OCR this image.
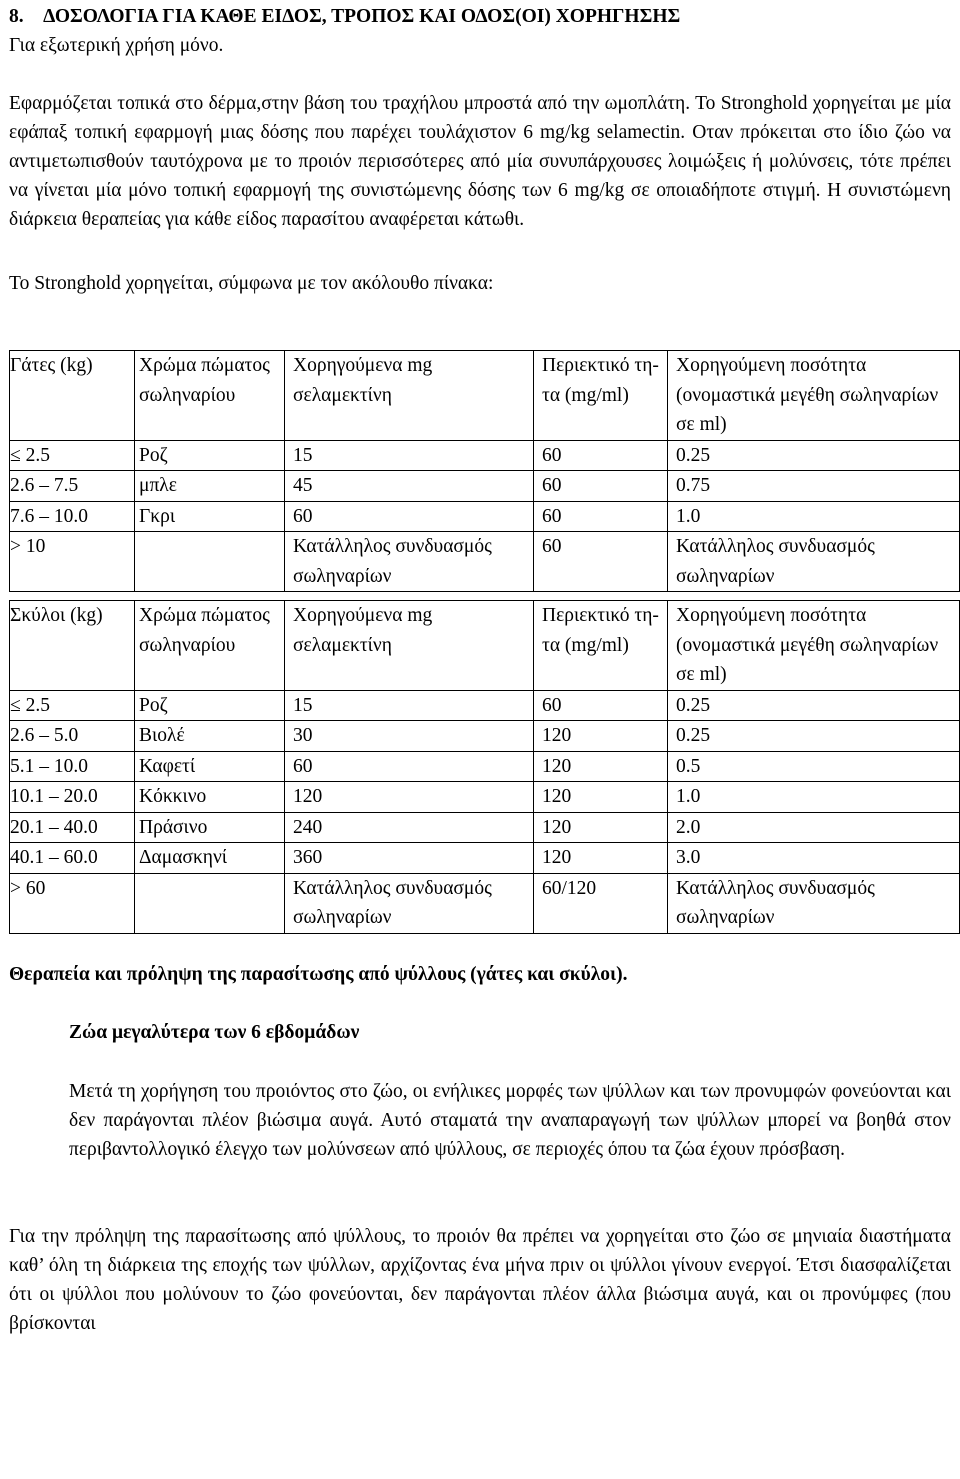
8.    ΔΟΣΟΛΟΓΙΑ ΓΙΑ ΚΑΘΕ ΕΙΔΟΣ, ΤΡΟΠΟΣ ΚΑΙ ΟΔΟΣ(ΟΙ) ΧΟΡΗΓΗΣΗΣ

Για εξωτερική χρήση μόνο.

Εφαρμόζεται τοπικά στο δέρμα,στην βάση του τραχήλου μπροστά από την ωμοπλάτη. Το Stronghold χορηγείται με μία εφάπαξ τοπική εφαρμογή μιας δόσης που παρέχει τουλάχιστον 6 mg/kg selamectin. Οταν πρόκειται στο ίδιο ζώο να αντιμετωπισθούν ταυτόχρονα με το προιόν περισσότερες από μία συνυπάρχουσες λοιμώξεις ή μολύνσεις, τότε πρέπει να γίνεται μία μόνο τοπική εφαρμογή της συνιστώμενης δόσης των 6 mg/kg σε οποιαδήποτε στιγμή. Η συνιστώμενη διάρκεια θεραπείας για κάθε είδος παρασίτου αναφέρεται κάτωθι.

Το Stronghold χορηγείται, σύμφωνα με τον ακόλουθο πίνακα:

Γάτες (kg)	Χρώμα πώματος σωληναρίου	Χορηγούμενα mg σελαμεκτίνη	Περιεκτικό τη-τα (mg/ml)	Χορηγούμενη ποσότητα (ονομαστικά μεγέθη σωληναρίων σε ml)
≤ 2.5	Ροζ	15	60	0.25
2.6 – 7.5	μπλε	45	60	0.75
7.6 – 10.0	Γκρι	60	60	1.0
> 10		Κατάλληλος συνδυασμός σωληναρίων	60	Κατάλληλος συνδυασμός σωληναρίων
Σκύλοι (kg)	Χρώμα πώματος σωληναρίου	Χορηγούμενα mg σελαμεκτίνη	Περιεκτικό τη-τα (mg/ml)	Χορηγούμενη ποσότητα (ονομαστικά μεγέθη σωληναρίων σε ml)
≤ 2.5	Ροζ	15	60	0.25
2.6 – 5.0	Βιολέ	30	120	0.25
5.1 – 10.0	Καφετί	60	120	0.5
10.1 – 20.0	Κόκκινο	120	120	1.0
20.1 – 40.0	Πράσινο	240	120	2.0
40.1 – 60.0	Δαμασκηνί	360	120	3.0
> 60		Κατάλληλος συνδυασμός σωληναρίων	60/120	Κατάλληλος συνδυασμός σωληναρίων
Θεραπεία και πρόληψη της παρασίτωσης από ψύλλους (γάτες και σκύλοι).
Ζώα μεγαλύτερα των 6 εβδομάδων

Μετά τη χορήγηση του προιόντος στο ζώο, οι ενήλικες μορφές των ψύλλων και των προνυμφών φονεύονται και δεν παράγονται πλέον βιώσιμα αυγά. Αυτό σταματά την αναπαραγωγή των ψύλλων μπορεί να βοηθά στον περιβαντολλογικό έλεγχο των μολύνσεων από ψύλλους, σε περιοχές όπου τα ζώα έχουν πρόσβαση.

Για την πρόληψη της παρασίτωσης από ψύλλους, το προιόν θα πρέπει να χορηγείται στο ζώο σε μηνιαία διαστήματα καθ’ όλη τη διάρκεια της εποχής των ψύλλων, αρχίζοντας ένα μήνα πριν οι ψύλλοι γίνουν ενεργοί. Έτσι διασφαλίζεται ότι οι ψύλλοι που μολύνουν το ζώο φονεύονται, δεν παράγονται πλέον άλλα βιώσιμα αυγά, και οι προνύμφες (που βρίσκονται
